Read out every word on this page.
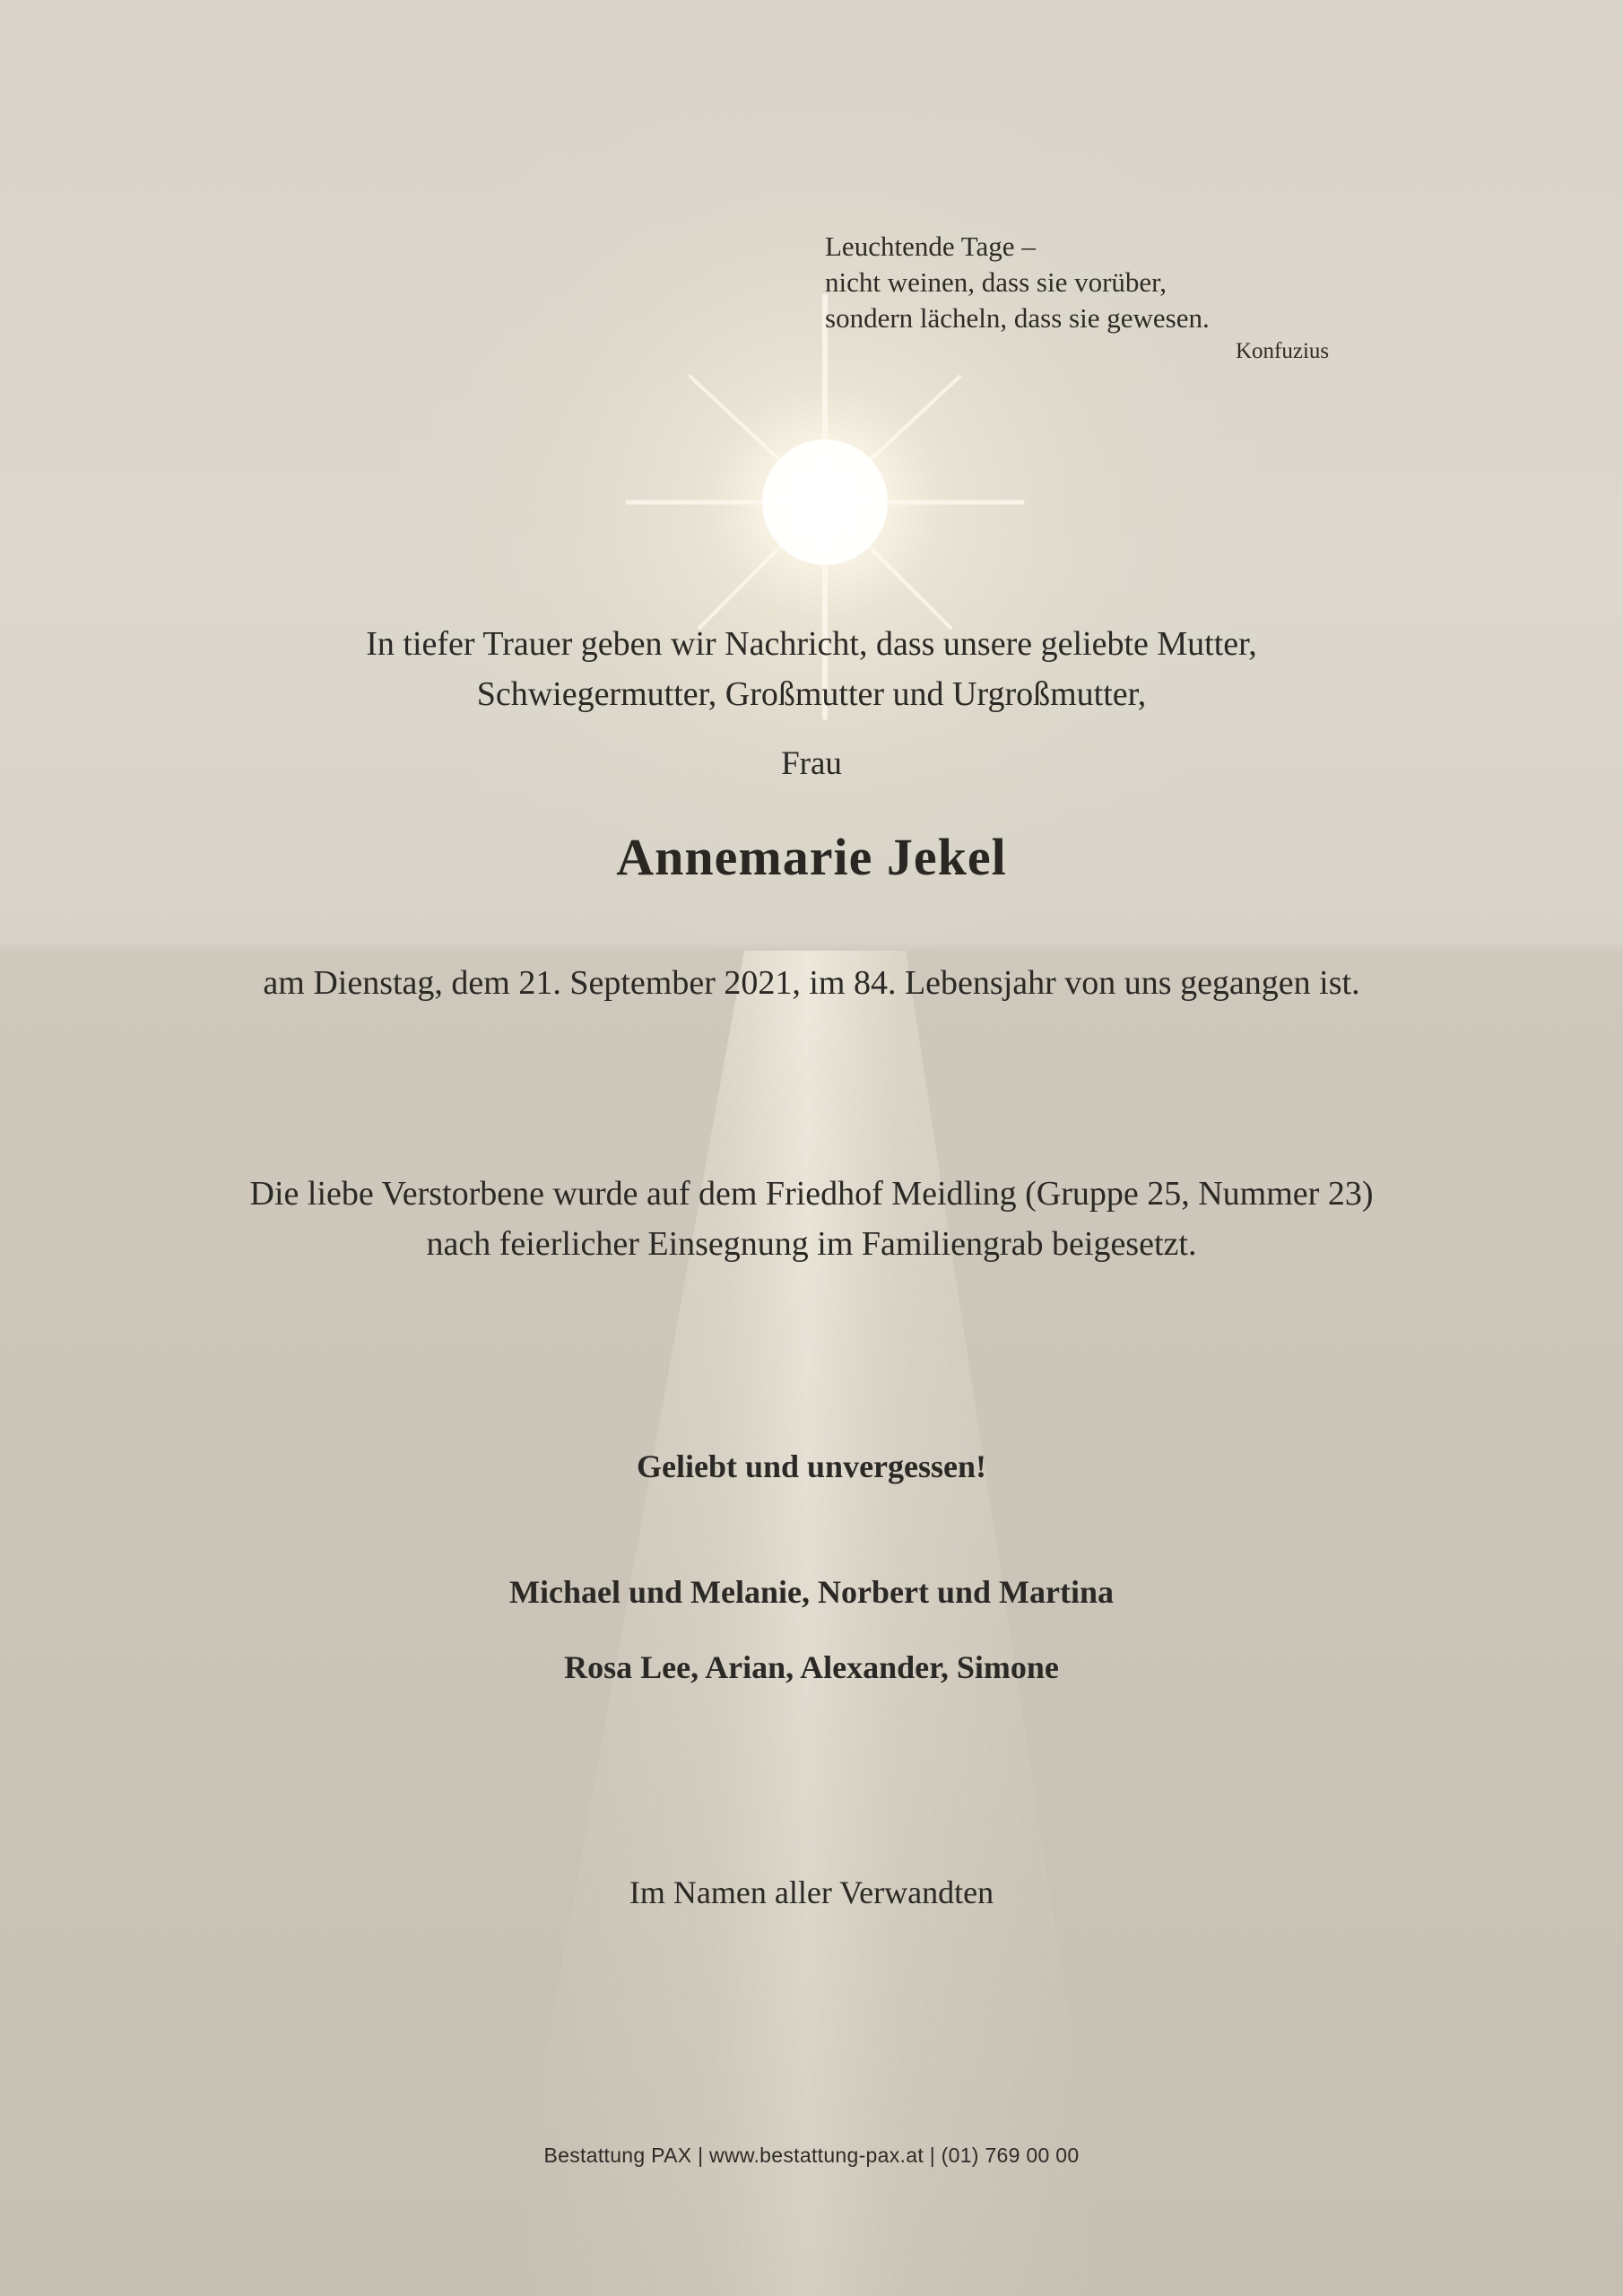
Leuchtende Tage –
nicht weinen, dass sie vorüber,
sondern lächeln, dass sie gewesen.
Konfuzius
In tiefer Trauer geben wir Nachricht, dass unsere geliebte Mutter,
Schwiegermutter, Großmutter und Urgroßmutter,
Frau
Annemarie Jekel
am Dienstag, dem 21. September 2021, im 84. Lebensjahr von uns gegangen ist.
Die liebe Verstorbene wurde auf dem Friedhof Meidling (Gruppe 25, Nummer 23)
nach feierlicher Einsegnung im Familiengrab beigesetzt.
Geliebt und unvergessen!
Michael und Melanie, Norbert und Martina
Rosa Lee, Arian, Alexander, Simone
Im Namen aller Verwandten
Bestattung PAX | www.bestattung-pax.at | (01) 769 00 00
